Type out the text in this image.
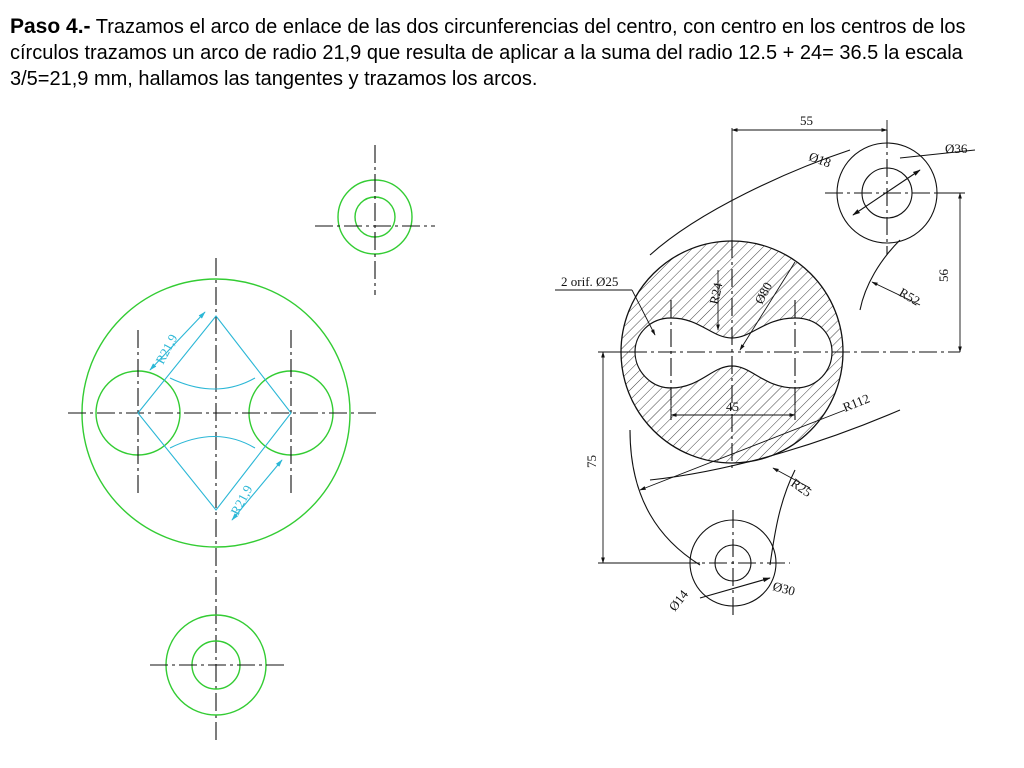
Paso 4.- Trazamos el arco de enlace de las dos circunferencias del centro, con centro en los centros de los círculos trazamos un arco de radio 21,9 que resulta de aplicar a la suma del radio 12.5 + 24= 36.5 la escala 3/5=21,9 mm, hallamos las tangentes y trazamos los arcos.
R21,9
R21,9
55
Ø18
Ø36
56
R52
R24 Ø80
2 orif. Ø25
45	R112
75
R25
Ø14	Ø30
